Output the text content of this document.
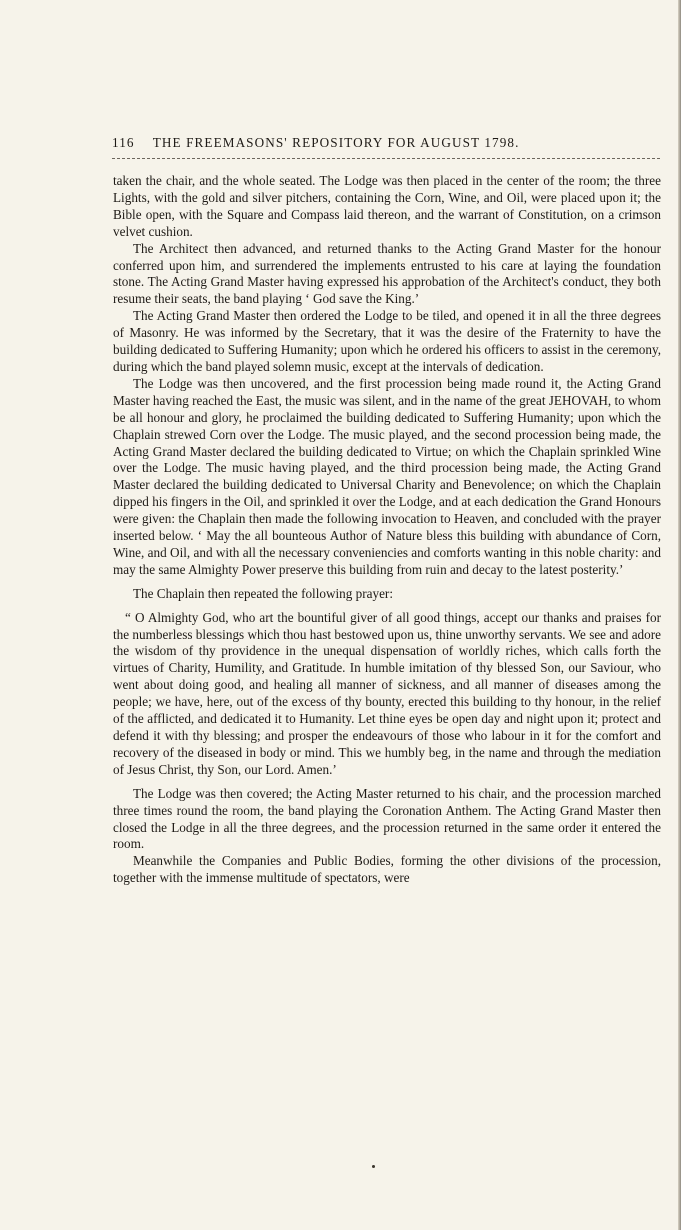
116 THE FREEMASONS' REPOSITORY FOR AUGUST 1798.

taken the chair, and the whole seated. The Lodge was then placed in the center of the room; the three Lights, with the gold and silver pitchers, containing the Corn, Wine, and Oil, were placed upon it; the Bible open, with the Square and Compass laid thereon, and the warrant of Constitution, on a crimson velvet cushion.

The Architect then advanced, and returned thanks to the Acting Grand Master for the honour conferred upon him, and surrendered the implements entrusted to his care at laying the foundation stone. The Acting Grand Master having expressed his approbation of the Architect's conduct, they both resume their seats, the band playing ‘ God save the King.’

The Acting Grand Master then ordered the Lodge to be tiled, and opened it in all the three degrees of Masonry. He was informed by the Secretary, that it was the desire of the Fraternity to have the building dedicated to Suffering Humanity; upon which he ordered his officers to assist in the ceremony, during which the band played solemn music, except at the intervals of dedication.

The Lodge was then uncovered, and the first procession being made round it, the Acting Grand Master having reached the East, the music was silent, and in the name of the great JEHOVAH, to whom be all honour and glory, he proclaimed the building dedicated to Suffering Humanity; upon which the Chaplain strewed Corn over the Lodge. The music played, and the second procession being made, the Acting Grand Master declared the building dedicated to Virtue; on which the Chaplain sprinkled Wine over the Lodge. The music having played, and the third procession being made, the Acting Grand Master declared the building dedicated to Universal Charity and Benevolence; on which the Chaplain dipped his fingers in the Oil, and sprinkled it over the Lodge, and at each dedication the Grand Honours were given: the Chaplain then made the following invocation to Heaven, and concluded with the prayer inserted below. ‘ May the all bounteous Author of Nature bless this building with abundance of Corn, Wine, and Oil, and with all the necessary conveniencies and comforts wanting in this noble charity: and may the same Almighty Power preserve this building from ruin and decay to the latest posterity.’

The Chaplain then repeated the following prayer:

“ O Almighty God, who art the bountiful giver of all good things, accept our thanks and praises for the numberless blessings which thou hast bestowed upon us, thine unworthy servants. We see and adore the wisdom of thy providence in the unequal dispensation of worldly riches, which calls forth the virtues of Charity, Humility, and Gratitude. In humble imitation of thy blessed Son, our Saviour, who went about doing good, and healing all manner of sickness, and all manner of diseases among the people; we have, here, out of the excess of thy bounty, erected this building to thy honour, in the relief of the afflicted, and dedicated it to Humanity. Let thine eyes be open day and night upon it; protect and defend it with thy blessing; and prosper the endeavours of those who labour in it for the comfort and recovery of the diseased in body or mind. This we humbly beg, in the name and through the mediation of Jesus Christ, thy Son, our Lord. Amen.’

The Lodge was then covered; the Acting Master returned to his chair, and the procession marched three times round the room, the band playing the Coronation Anthem. The Acting Grand Master then closed the Lodge in all the three degrees, and the procession returned in the same order it entered the room.

Meanwhile the Companies and Public Bodies, forming the other divisions of the procession, together with the immense multitude of spectators, were
